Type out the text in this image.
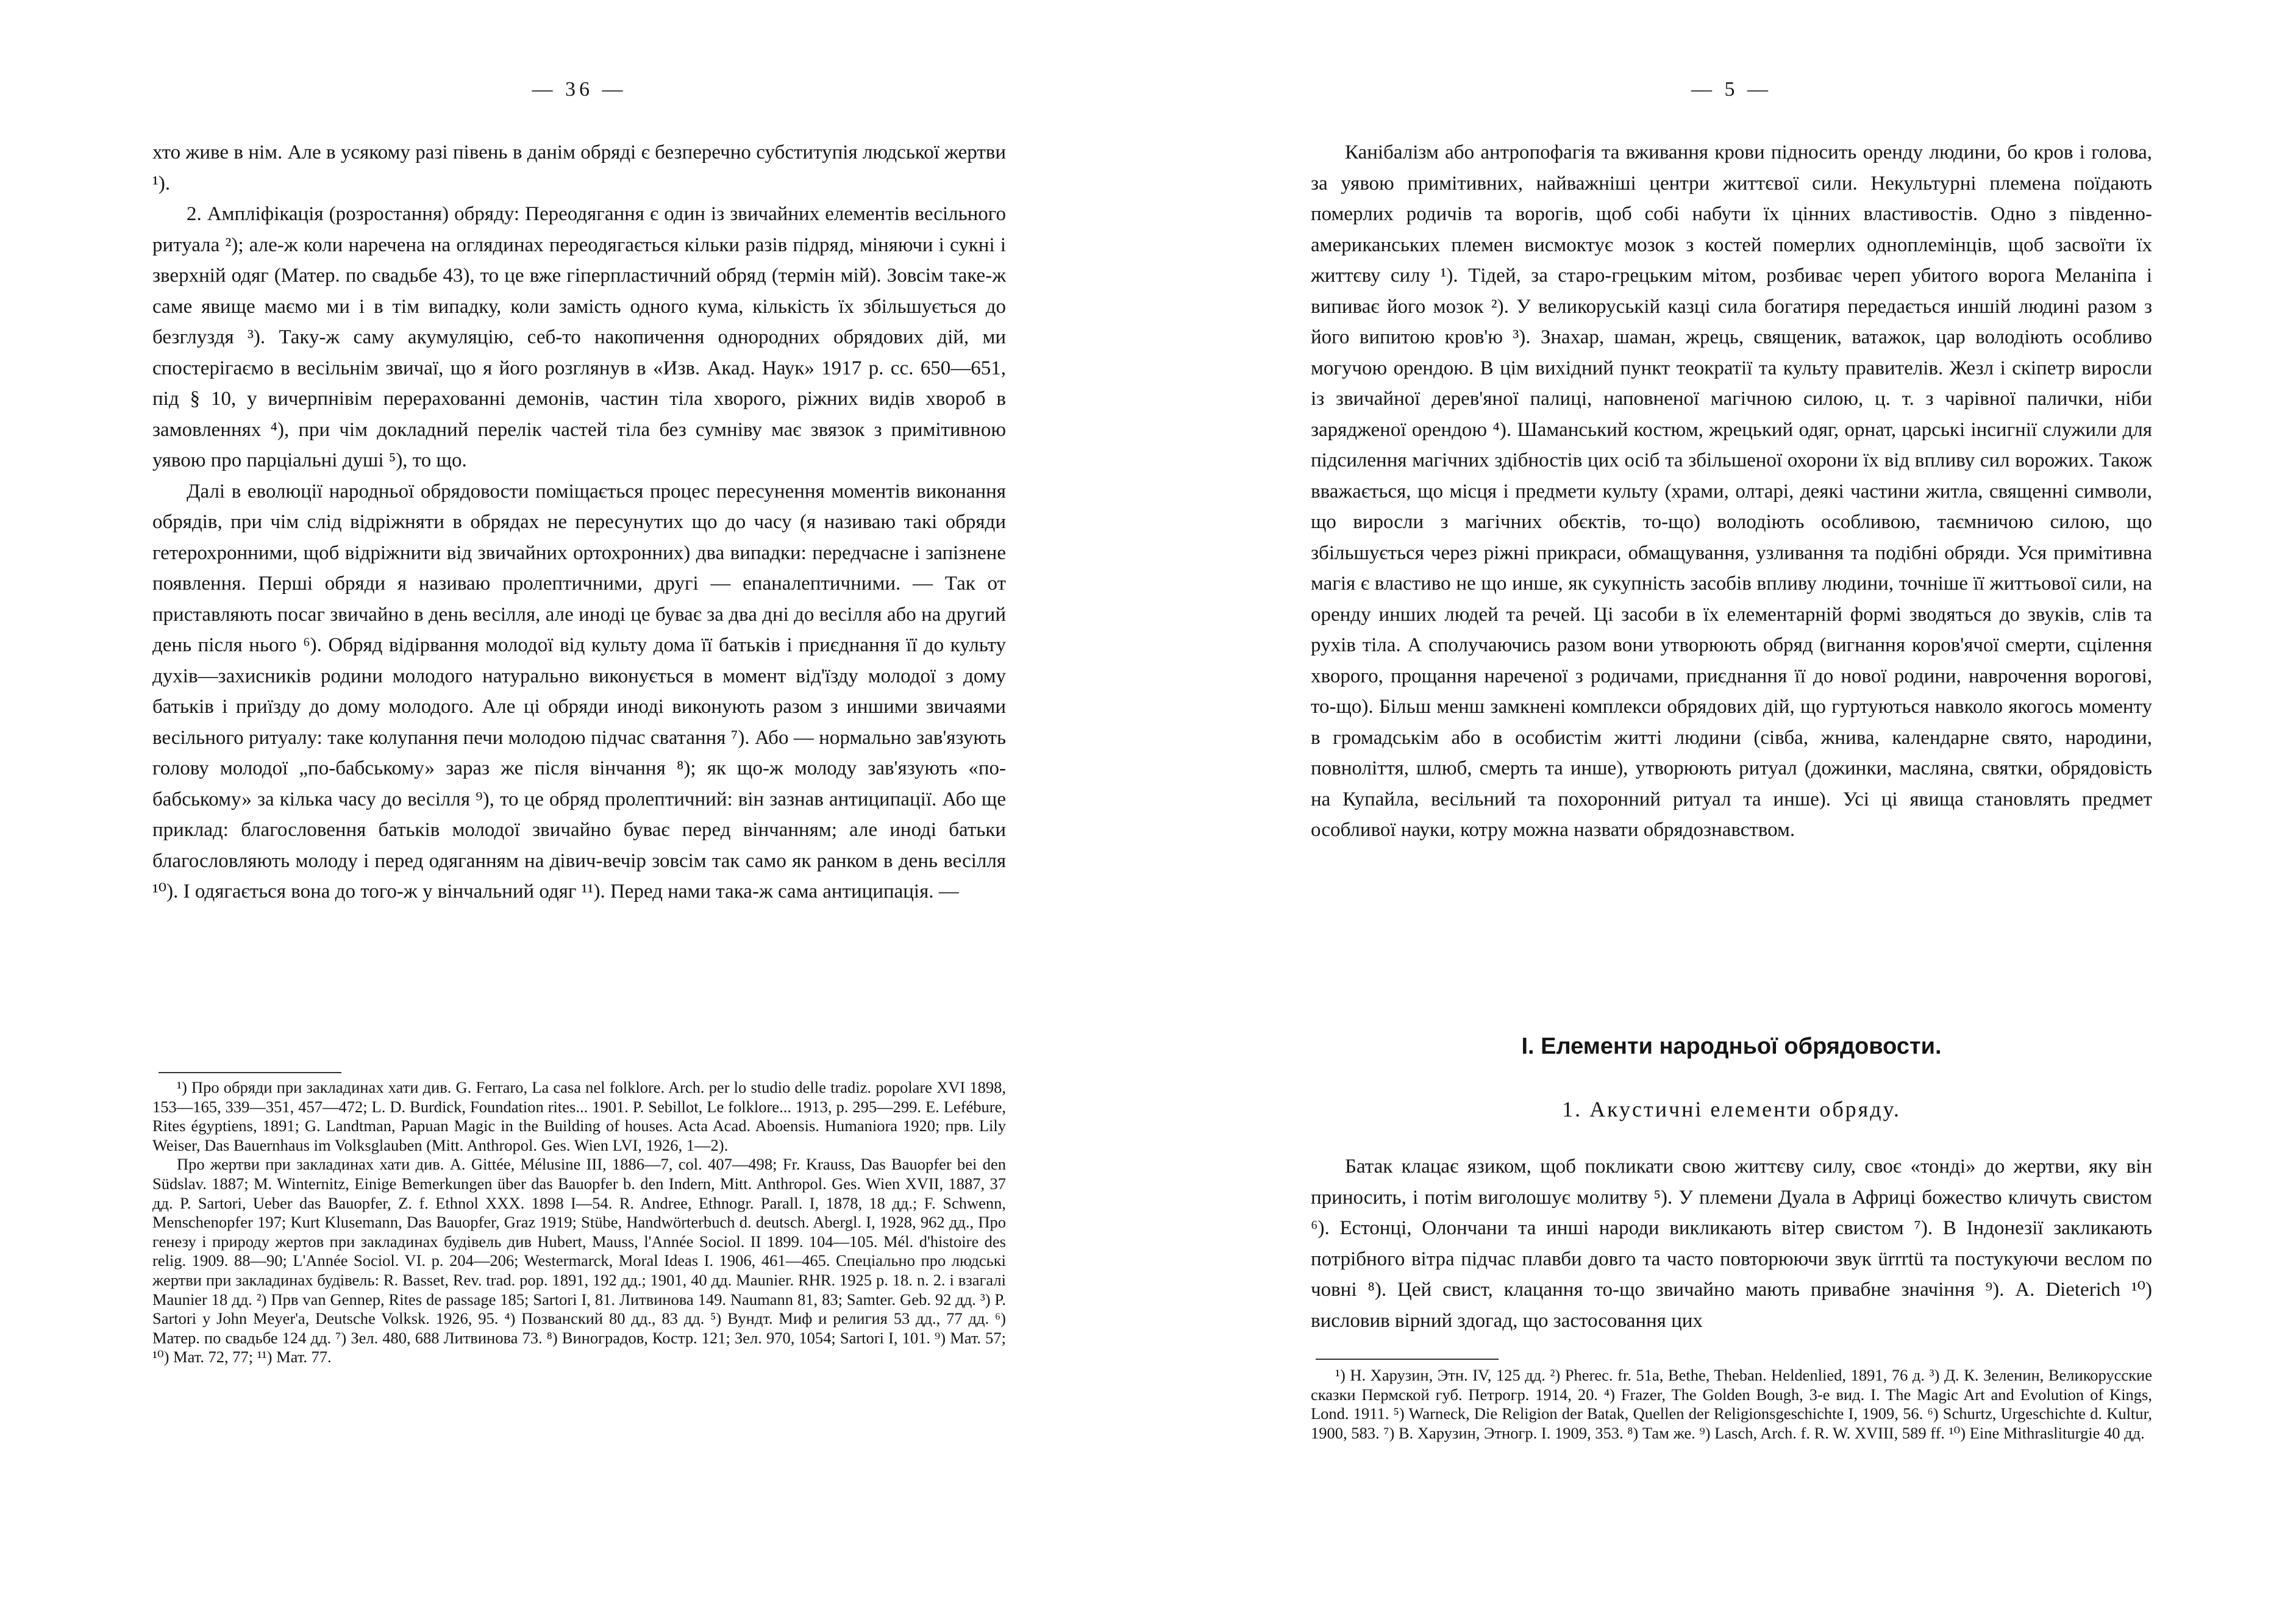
— 36 —

хто живе в нім. Але в усякому разі півень в данім обряді є безперечно субститупія людської жертви ¹).

2. Ампліфікація (розростання) обряду: Переодягання є один із звичайних елементів весільного ритуала ²); але-ж коли наречена на оглядинах переодягається кільки разів підряд, міняючи і сукні і зверхній одяг (Матер. по свадьбе 43), то це вже гіперпластичний обряд (термін мій). Зовсім таке-ж саме явище маємо ми і в тім випадку, коли замість одного кума, кількість їх збільшується до безглуздя ³). Таку-ж саму акумуляцію, себ-то накопичення однородних обрядових дій, ми спостерігаємо в весільнім звичаї, що я його розглянув в «Изв. Акад. Наук» 1917 р. сс. 650—651, під § 10, у вичерпнівім перерахованні демонів, частин тіла хворого, ріжних видів хвороб в замовленнях ⁴), при чім докладний перелік частей тіла без сумніву має звязок з примітивною уявою про парціальні душі ⁵), то що.

Далі в еволюції народньої обрядовости поміщається процес пересунення моментів виконання обрядів, при чім слід відріжняти в обрядах не пересунутих що до часу (я називаю такі обряди гетерохронними, щоб відріжнити від звичайних ортохронних) два випадки: передчасне і запізнене появлення. Перші обряди я називаю пролептичними, другі — епаналептичними. — Так от приставляють посаг звичайно в день весілля, але иноді це буває за два дні до весілля або на другий день після нього ⁶). Обряд відірвання молодої від культу дома її батьків і приєднання її до культу духів—захисників родини молодого натурально виконується в момент від'їзду молодої з дому батьків і приїзду до дому молодого. Але ці обряди иноді виконують разом з иншими звичаями весільного ритуалу: таке колупання печи молодою підчас сватання ⁷). Або — нормально зав'язують голову молодої „по-бабському» зараз же після вінчання ⁸); як що-ж молоду зав'язують «по-бабському» за кілька часу до весілля ⁹), то це обряд пролептичний: він зазнав антиципації. Або ще приклад: благословення батьків молодої звичайно буває перед вінчанням; але иноді батьки благословляють молоду і перед одяганням на дівич-вечір зовсім так само як ранком в день весілля ¹⁰). І одягається вона до того-ж у вінчальний одяг ¹¹). Перед нами така-ж сама антиципація. —

¹) Про обряди при закладинах хати див. G. Ferraro, La casa nel folklore. Arch. per lo studio delle tradiz. popolare XVI 1898, 153—165, 339—351, 457—472; L. D. Burdick, Foundation rites... 1901. P. Sebillot, Le folklore... 1913, p. 295—299. E. Lefébure, Rites égyptiens, 1891; G. Landtman, Papuan Magic in the Building of houses. Acta Acad. Aboensis. Humaniora 1920; прв. Lily Weiser, Das Bauernhaus im Volksglauben (Mitt. Anthropol. Ges. Wien LVI, 1926, 1—2).

Про жертви при закладинах хати див. A. Gittée, Mélusine III, 1886—7, col. 407—498; Fr. Krauss, Das Bauopfer bei den Südslav. 1887; M. Winternitz, Einige Bemerkungen über das Bauopfer b. den Indern, Mitt. Anthropol. Ges. Wien XVII, 1887, 37 дд. P. Sartori, Ueber das Bauopfer, Z. f. Ethnol XXX. 1898 I—54. R. Andree, Ethnogr. Parall. I, 1878, 18 дд.; F. Schwenn, Menschenopfer 197; Kurt Klusemann, Das Bauopfer, Graz 1919; Stübe, Handwörterbuch d. deutsch. Abergl. I, 1928, 962 дд., Про генезу і природу жертов при закладинах будівель див Hubert, Mauss, l'Année Sociol. II 1899. 104—105. Mél. d'histoire des relig. 1909. 88—90; L'Année Sociol. VI. p. 204—206; Westermarck, Moral Ideas I. 1906, 461—465. Спеціально про людські жертви при закладинах будівель: R. Basset, Rev. trad. pop. 1891, 192 дд.; 1901, 40 дд. Maunier. RHR. 1925 p. 18. n. 2. і взагалі Maunier 18 дд. ²) Прв van Gennep, Rites de passage 185; Sartori I, 81. Литвинова 149. Naumann 81, 83; Samter. Geb. 92 дд. ³) P. Sartori y John Meyer'a, Deutsche Volksk. 1926, 95. ⁴) Позванский 80 дд., 83 дд. ⁵) Вундт. Миф и религия 53 дд., 77 дд. ⁶) Матер. по свадьбе 124 дд. ⁷) Зел. 480, 688 Литвинова 73. ⁸) Виноградов, Костр. 121; Зел. 970, 1054; Sartori I, 101. ⁹) Мат. 57; ¹⁰) Мат. 72, 77; ¹¹) Мат. 77.

— 5 —

Канібалізм або антропофагія та вживання крови підносить оренду людини, бо кров і голова, за уявою примітивних, найважніші центри життєвої сили. Некультурні племена поїдають померлих родичів та ворогів, щоб собі набути їх цінних властивостів. Одно з південно-американських племен висмоктує мозок з костей померлих одноплемінців, щоб засвоїти їх життєву силу ¹). Тідей, за старо-грецьким мітом, розбиває череп убитого ворога Меланіпа і випиває його мозок ²). У великоруській казці сила богатиря передається иншій людині разом з його випитою кров'ю ³). Знахар, шаман, жрець, священик, ватажок, цар володіють особливо могучою орендою. В цім вихідний пункт теократії та культу правителів. Жезл і скіпетр виросли із звичайної дерев'яної палиці, наповненої магічною силою, ц. т. з чарівної палички, ніби зарядженої орендою ⁴). Шаманський костюм, жрецький одяг, орнат, царські інсигнії служили для підсилення магічних здібностів цих осіб та збільшеної охорони їх від впливу сил ворожих. Також вважається, що місця і предмети культу (храми, олтарі, деякі частини житла, священні символи, що виросли з магічних обєктів, то-що) володіють особливою, таємничою силою, що збільшується через ріжні прикраси, обмащування, узливання та подібні обряди. Уся примітивна магія є властиво не що инше, як сукупність засобів впливу людини, точніше її життьової сили, на оренду инших людей та речей. Ці засоби в їх елементарній формі зводяться до звуків, слів та рухів тіла. А сполучаючись разом вони утворюють обряд (вигнання коров'ячої смерти, сцілення хворого, прощання нареченої з родичами, приєднання її до нової родини, наврочення ворогові, то-що). Більш менш замкнені комплекси обрядових дій, що гуртуються навколо якогось моменту в громадськім або в особистім житті людини (сівба, жнива, календарне свято, народини, повноліття, шлюб, смерть та инше), утворюють ритуал (дожинки, масляна, святки, обрядовість на Купайла, весільний та похоронний ритуал та инше). Усі ці явища становлять предмет особливої науки, котру можна назвати обрядознавством.

I. Елементи народньої обрядовости.
1. Акустичні елементи обряду.

Батак клацає язиком, щоб покликати свою життєву силу, своє «тонді» до жертви, яку він приносить, і потім виголошує молитву ⁵). У племени Дуала в Африці божество кличуть свистом ⁶). Естонці, Олончани та инші народи викликають вітер свистом ⁷). В Індонезії закликають потрібного вітра підчас плавби довго та часто повторюючи звук ürrrtü та постукуючи веслом по човні ⁸). Цей свист, клацання то-що звичайно мають привабне значіння ⁹). A. Dieterich ¹⁰) висловив вірний здогад, що застосовання цих

¹) Н. Харузин, Этн. IV, 125 дд. ²) Pherec. fr. 51a, Bethe, Theban. Heldenlied, 1891, 76 д. ³) Д. К. Зеленин, Великорусские сказки Пермской губ. Петрогр. 1914, 20. ⁴) Frazer, The Golden Bough, 3-е вид. I. The Magic Art and Evolution of Kings, Lond. 1911. ⁵) Warneck, Die Religion der Batak, Quellen der Religionsgeschichte I, 1909, 56. ⁶) Schurtz, Urgeschichte d. Kultur, 1900, 583. ⁷) В. Харузин, Этногр. I. 1909, 353. ⁸) Там же. ⁹) Lasch, Arch. f. R. W. XVIII, 589 ff. ¹⁰) Eine Mithrasliturgie 40 дд.
